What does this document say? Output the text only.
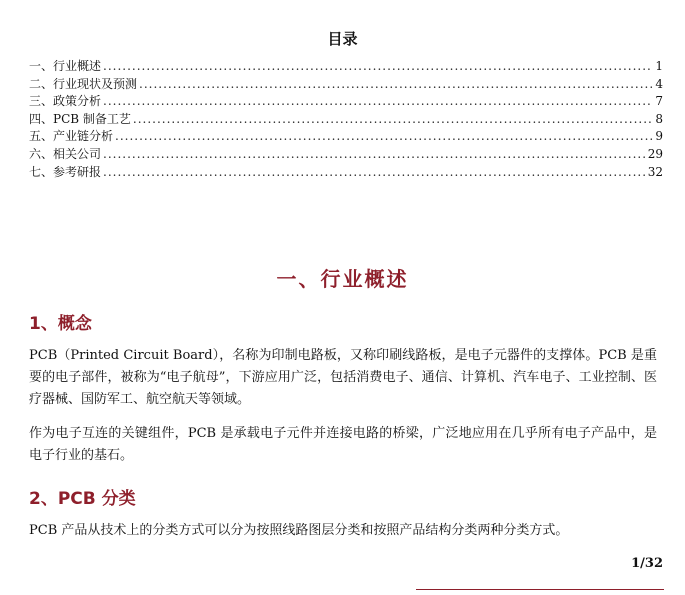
目录
一、行业概述 .....	1
二、行业现状及预测 .....	4
三、政策分析 .....	7
四、PCB 制备工艺 .....	8
五、产业链分析 .....	9
六、相关公司 .....	29
七、参考研报 .....	32
一、行业概述
1、概念
PCB（Printed Circuit Board），名称为印制电路板，又称印刷线路板，是电子元器件的支撑体。PCB 是重要的电子部件，被称为“电子航母”，下游应用广泛，包括消费电子、通信、计算机、汽车电子、工业控制、医疗器械、国防军工、航空航天等领域。
作为电子互连的关键组件，PCB 是承载电子元件并连接电路的桥梁，广泛地应用在几乎所有电子产品中，是电子行业的基石。
2、PCB 分类
PCB 产品从技术上的分类方式可以分为按照线路图层分类和按照产品结构分类两种分类方式。
1/32
